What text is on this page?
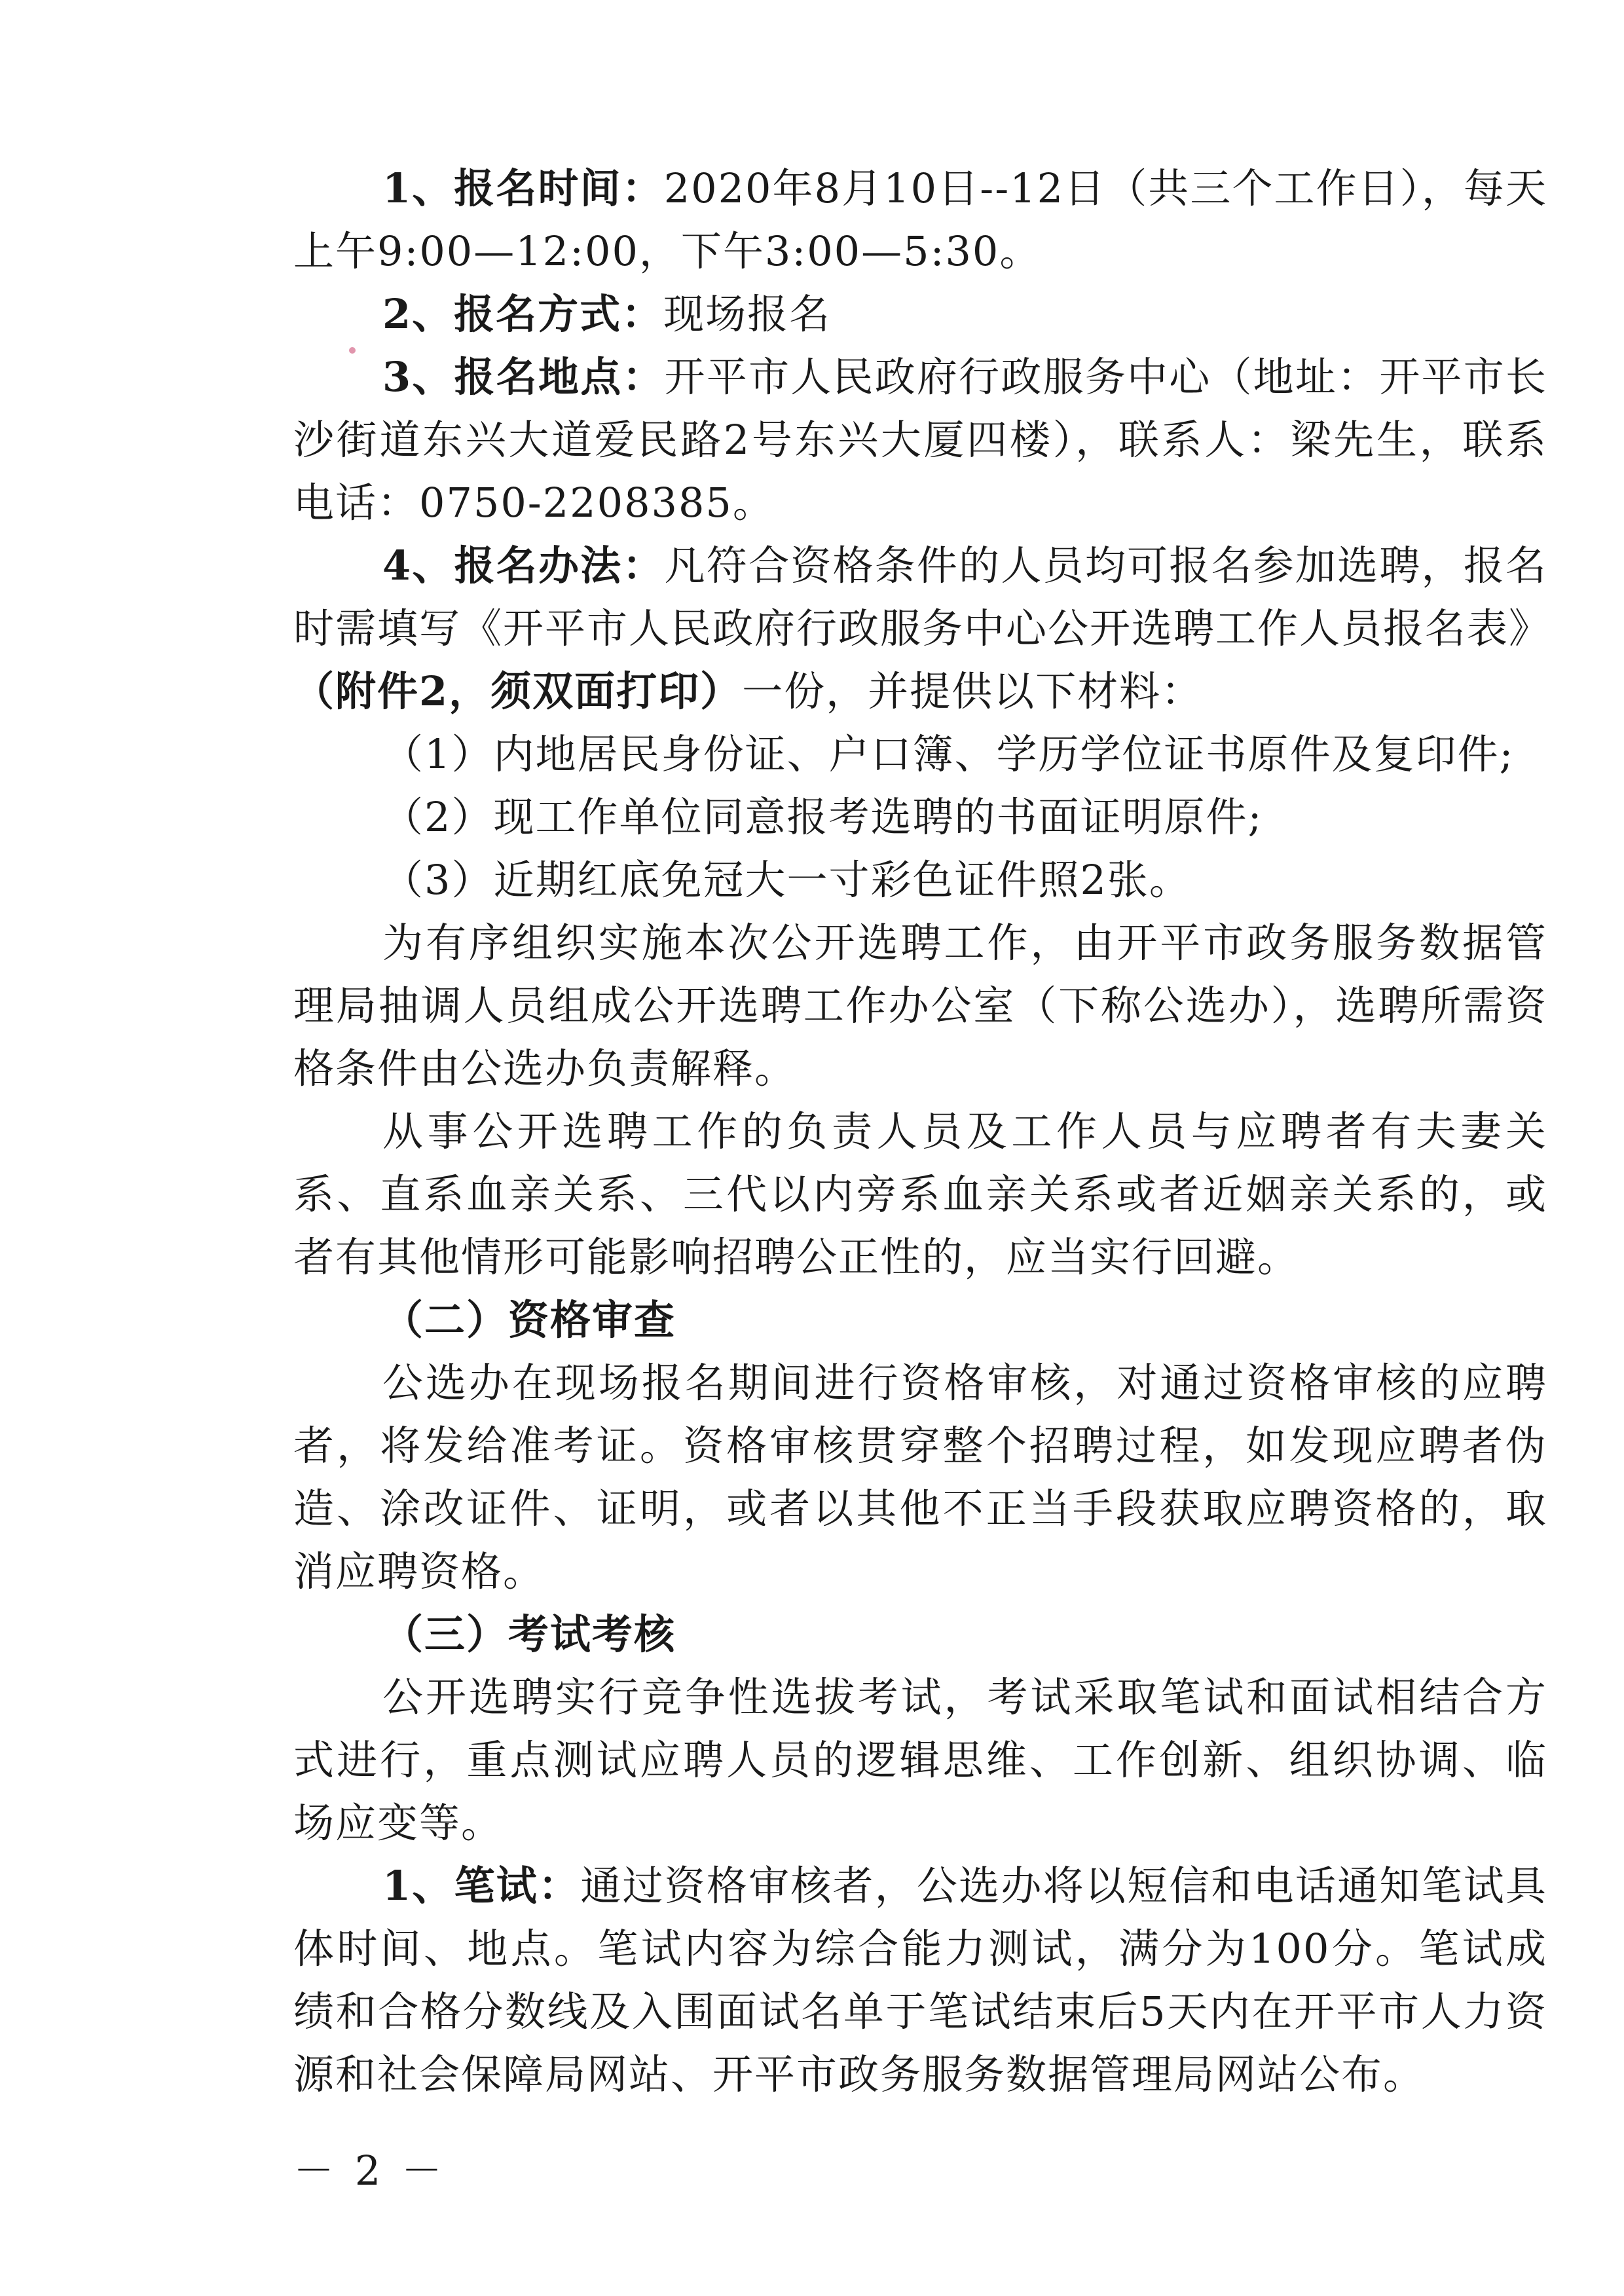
1、报名时间：2020年8月10日--12日（共三个工作日），每天上午9:00—12:00，下午3:00—5:30。

2、报名方式：现场报名

3、报名地点：开平市人民政府行政服务中心（地址：开平市长沙街道东兴大道爱民路2号东兴大厦四楼），联系人：梁先生，联系电话：0750-2208385。

4、报名办法：凡符合资格条件的人员均可报名参加选聘，报名时需填写《开平市人民政府行政服务中心公开选聘工作人员报名表》（附件2，须双面打印）一份，并提供以下材料：

（1）内地居民身份证、户口簿、学历学位证书原件及复印件;

（2）现工作单位同意报考选聘的书面证明原件;

（3）近期红底免冠大一寸彩色证件照2张。

为有序组织实施本次公开选聘工作，由开平市政务服务数据管理局抽调人员组成公开选聘工作办公室（下称公选办），选聘所需资格条件由公选办负责解释。

从事公开选聘工作的负责人员及工作人员与应聘者有夫妻关系、直系血亲关系、三代以内旁系血亲关系或者近姻亲关系的，或者有其他情形可能影响招聘公正性的，应当实行回避。

（二）资格审查

公选办在现场报名期间进行资格审核，对通过资格审核的应聘者，将发给准考证。资格审核贯穿整个招聘过程，如发现应聘者伪造、涂改证件、证明，或者以其他不正当手段获取应聘资格的，取消应聘资格。

（三）考试考核

公开选聘实行竞争性选拔考试，考试采取笔试和面试相结合方式进行，重点测试应聘人员的逻辑思维、工作创新、组织协调、临场应变等。

1、笔试：通过资格审核者，公选办将以短信和电话通知笔试具体时间、地点。笔试内容为综合能力测试，满分为100分。笔试成绩和合格分数线及入围面试名单于笔试结束后5天内在开平市人力资源和社会保障局网站、开平市政务服务数据管理局网站公布。

－ 2 －
